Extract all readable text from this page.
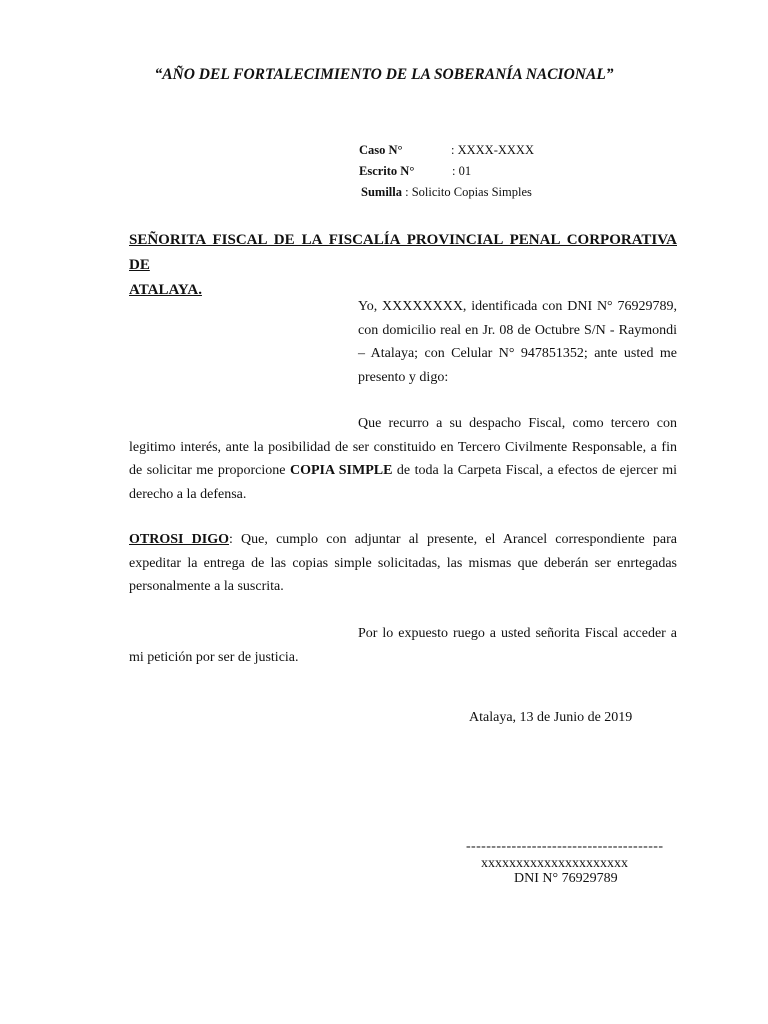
“AÑO DEL FORTALECIMIENTO DE LA SOBERANÍA NACIONAL”
Caso N°	: XXXX-XXXX
Escrito N°	: 01
Sumilla : Solicito Copias Simples
SEÑORITA FISCAL DE LA FISCALÍA PROVINCIAL PENAL CORPORATIVA DE
ATALAYA.
Yo, XXXXXXXX, identificada con DNI N° 76929789,
con domicilio real en Jr. 08 de Octubre S/N - Raymondi
– Atalaya; con Celular N° 947851352; ante usted me
presento y digo:
Que recurro a su despacho Fiscal, como tercero con
legitimo interés, ante la posibilidad de ser constituido en Tercero Civilmente Responsable, a fin
de solicitar me proporcione COPIA SIMPLE de toda la Carpeta Fiscal, a efectos de ejercer mi
derecho a la defensa.
OTROSI DIGO: Que, cumplo con adjuntar al presente, el Arancel correspondiente para
expeditar la entrega de las copias simple solicitadas, las mismas que deberán ser enrtegadas
personalmente a la suscrita.
Por lo expuesto ruego a usted señorita Fiscal acceder a
mi petición por ser de justicia.
Atalaya, 13 de Junio de 2019
---------------------------------------
xxxxxxxxxxxxxxxxxxxxx
DNI N° 76929789
